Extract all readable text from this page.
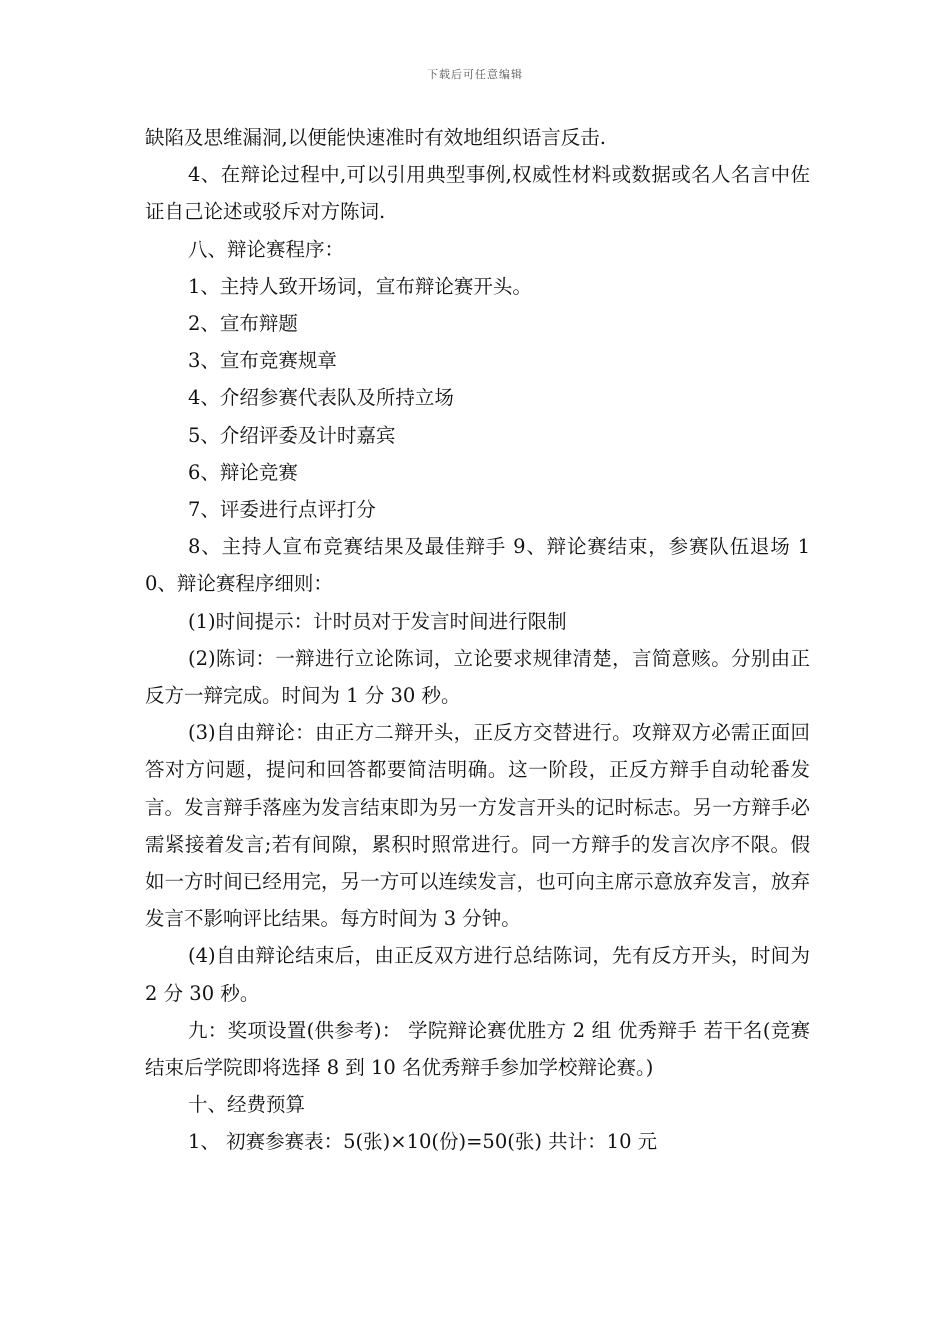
下载后可任意编辑

缺陷及思维漏洞,以便能快速准时有效地组织语言反击.

4、在辩论过程中,可以引用典型事例,权威性材料或数据或名人名言中佐证自己论述或驳斥对方陈词.

八、辩论赛程序：

1、主持人致开场词，宣布辩论赛开头。

2、宣布辩题

3、宣布竞赛规章

4、介绍参赛代表队及所持立场

5、介绍评委及计时嘉宾

6、辩论竞赛

7、评委进行点评打分

8、主持人宣布竞赛结果及最佳辩手 9、辩论赛结束，参赛队伍退场 10、辩论赛程序细则：

(1)时间提示：计时员对于发言时间进行限制

(2)陈词：一辩进行立论陈词，立论要求规律清楚，言简意赅。分别由正反方一辩完成。时间为 1 分 30 秒。

(3)自由辩论：由正方二辩开头，正反方交替进行。攻辩双方必需正面回答对方问题，提问和回答都要简洁明确。这一阶段，正反方辩手自动轮番发言。发言辩手落座为发言结束即为另一方发言开头的记时标志。另一方辩手必需紧接着发言;若有间隙，累积时照常进行。同一方辩手的发言次序不限。假如一方时间已经用完，另一方可以连续发言，也可向主席示意放弃发言，放弃发言不影响评比结果。每方时间为 3 分钟。

(4)自由辩论结束后，由正反双方进行总结陈词，先有反方开头，时间为 2 分 30 秒。

九：奖项设置(供参考)： 学院辩论赛优胜方 2 组 优秀辩手 若干名(竞赛结束后学院即将选择 8 到 10 名优秀辩手参加学校辩论赛。)

十、经费预算

1、 初赛参赛表：5(张)×10(份)=50(张) 共计：10 元
